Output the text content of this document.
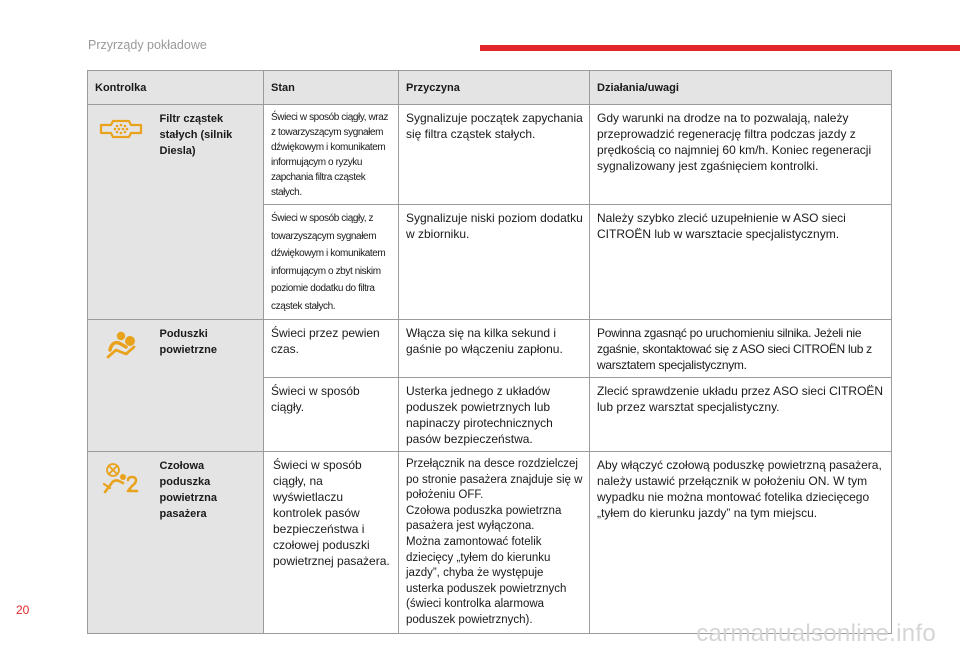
Przyrządy pokładowe
Kontrolka		Stan	Przyczyna	Działania/uwagi
	Filtr cząstek stałych (silnik Diesla)	Świeci w sposób ciągły, wraz z towarzyszącym sygnałem dźwiękowym i komunikatem informującym o ryzyku zapchania filtra cząstek stałych.	Sygnalizuje początek zapychania się filtra cząstek stałych.	Gdy warunki na drodze na to pozwalają, należy przeprowadzić regenerację filtra podczas jazdy z prędkością co najmniej 60 km/h. Koniec regeneracji sygnalizowany jest zgaśnięciem kontrolki.
		Świeci w sposób ciągły, z towarzyszącym sygnałem dźwiękowym i komunikatem informującym o zbyt niskim poziomie dodatku do filtra cząstek stałych.	Sygnalizuje niski poziom dodatku w zbiorniku.	Należy szybko zlecić uzupełnienie w ASO sieci CITROËN lub w warsztacie specjalistycznym.
	Poduszki powietrzne	Świeci przez pewien czas.	Włącza się na kilka sekund i gaśnie po włączeniu zapłonu.	Powinna zgasnąć po uruchomieniu silnika. Jeżeli nie zgaśnie, skontaktować się z ASO sieci CITROËN lub z warsztatem specjalistycznym.
		Świeci w sposób ciągły.	Usterka jednego z układów poduszek powietrznych lub napinaczy pirotechnicznych pasów bezpieczeństwa.	Zlecić sprawdzenie układu przez ASO sieci CITROËN lub przez warsztat specjalistyczny.
	Czołowa poduszka powietrzna pasażera	Świeci w sposób ciągły, na wyświetlaczu kontrolek pasów bezpieczeństwa i czołowej poduszki powietrznej pasażera.	Przełącznik na desce rozdzielczej po stronie pasażera znajduje się w położeniu OFF.
Czołowa poduszka powietrzna pasażera jest wyłączona.
Można zamontować fotelik dziecięcy „tyłem do kierunku jazdy”, chyba że występuje usterka poduszek powietrznych (świeci kontrolka alarmowa poduszek powietrznych).	Aby włączyć czołową poduszkę powietrzną pasażera, należy ustawić przełącznik w położeniu ON. W tym wypadku nie można montować fotelika dziecięcego „tyłem do kierunku jazdy” na tym miejscu.
20
carmanualsonline.info
